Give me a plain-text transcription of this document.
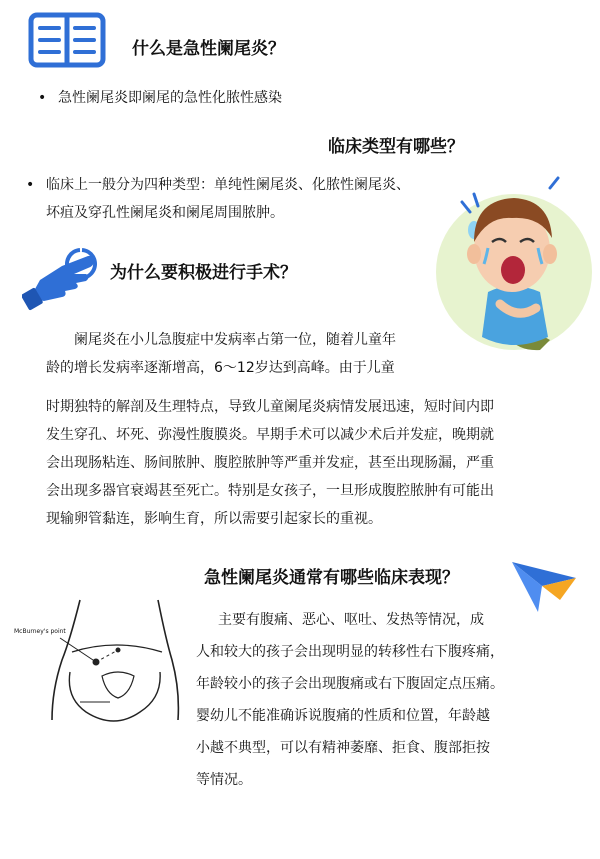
什么是急性阑尾炎？
• 急性阑尾炎即阑尾的急性化脓性感染
临床类型有哪些？
• 临床上一般分为四种类型：单纯性阑尾炎、化脓性阑尾炎、
坏疽及穿孔性阑尾炎和阑尾周围脓肿。
为什么要积极进行手术？
阑尾炎在小儿急腹症中发病率占第一位，随着儿童年
龄的增长发病率逐渐增高，6～12岁达到高峰。由于儿童
时期独特的解剖及生理特点，导致儿童阑尾炎病情发展迅速，短时间内即
发生穿孔、坏死、弥漫性腹膜炎。早期手术可以减少术后并发症，晚期就
会出现肠粘连、肠间脓肿、腹腔脓肿等严重并发症，甚至出现肠漏，严重
会出现多器官衰竭甚至死亡。特别是女孩子，一旦形成腹腔脓肿有可能出
现输卵管黏连，影响生育，所以需要引起家长的重视。
急性阑尾炎通常有哪些临床表现？
McBurney's point
主要有腹痛、恶心、呕吐、发热等情况，成
人和较大的孩子会出现明显的转移性右下腹疼痛，
年龄较小的孩子会出现腹痛或右下腹固定点压痛。
婴幼儿不能准确诉说腹痛的性质和位置，年龄越
小越不典型，可以有精神萎靡、拒食、腹部拒按
等情况。
